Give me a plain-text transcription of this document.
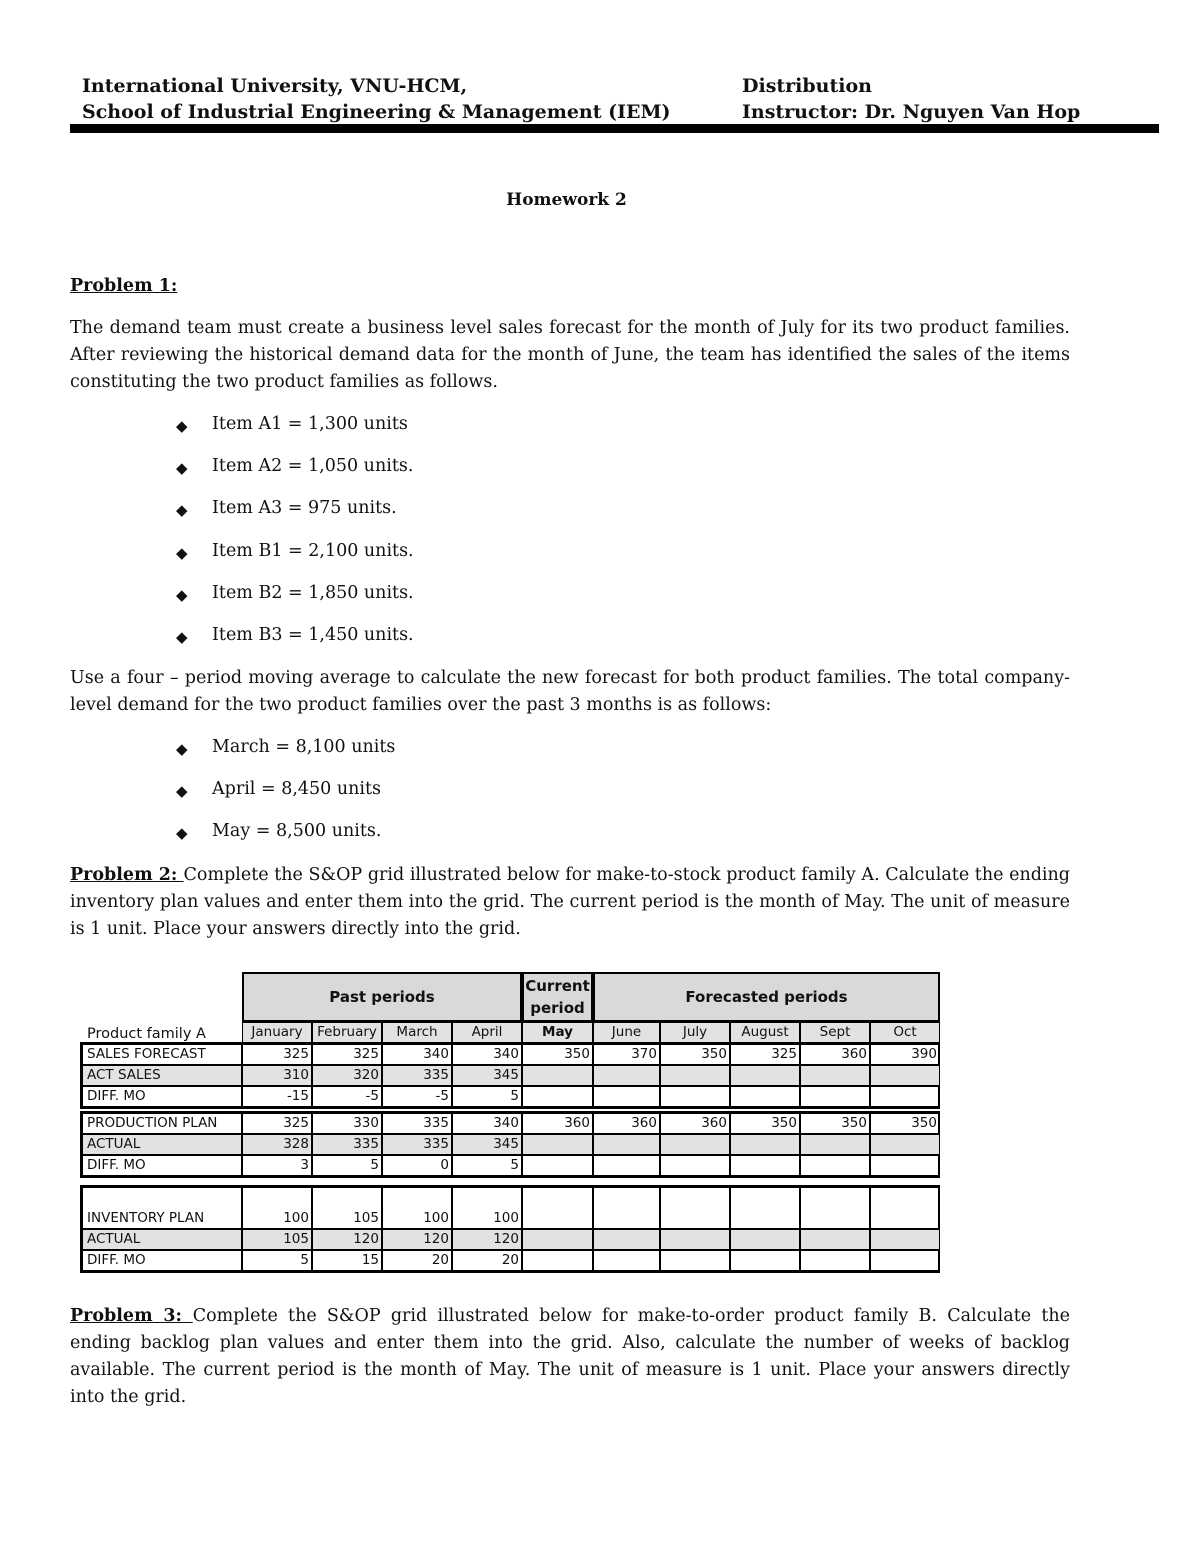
International University, VNU-HCM,
School of Industrial Engineering & Management (IEM)
Distribution
Instructor: Dr. Nguyen Van Hop
Homework 2
Problem 1:
The demand team must create a business level sales forecast for the month of July for its two product families. After reviewing the historical demand data for the month of June, the team has identified the sales of the items constituting the two product families as follows.
◆ Item A1 = 1,300 units
◆ Item A2 = 1,050 units.
◆ Item A3 = 975 units.
◆ Item B1 = 2,100 units.
◆ Item B2 = 1,850 units.
◆ Item B3 = 1,450 units.
Use a four – period moving average to calculate the new forecast for both product families. The total company-level demand for the two product families over the past 3 months is as follows:
◆ March = 8,100 units
◆ April = 8,450 units
◆ May = 8,500 units.
Problem 2: Complete the S&OP grid illustrated below for make-to-stock product family A. Calculate the ending inventory plan values and enter them into the grid. The current period is the month of May. The unit of measure is 1 unit. Place your answers directly into the grid.
Past periods
Current period
Forecasted periods
Product family A	January	February	March	April	May	June	July	August	Sept	Oct
SALES FORECAST	325	325	340	340	350	370	350	325	360	390
ACT SALES	310	320	335	345
DIFF. MO	-15	-5	-5	5
PRODUCTION PLAN	325	330	335	340	360	360	360	350	350	350
ACTUAL	328	335	335	345
DIFF. MO	3	5	0	5
INVENTORY PLAN	100	105	100	100
ACTUAL	105	120	120	120
DIFF. MO	5	15	20	20
Problem 3: Complete the S&OP grid illustrated below for make-to-order product family B. Calculate the ending backlog plan values and enter them into the grid. Also, calculate the number of weeks of backlog available. The current period is the month of May. The unit of measure is 1 unit. Place your answers directly into the grid.
